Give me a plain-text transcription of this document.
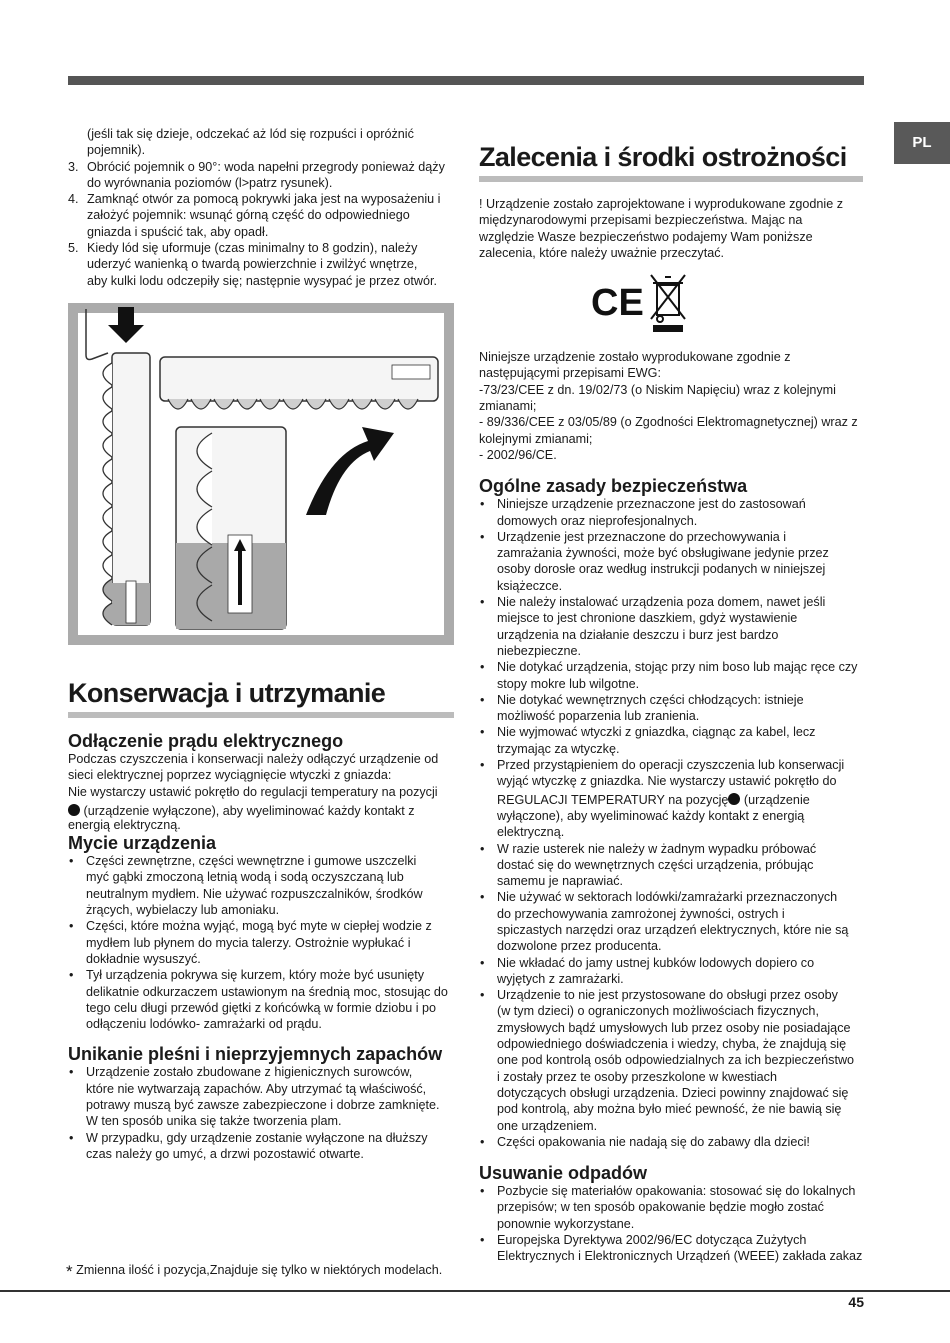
PL

(jeśli tak się dzieje, odczekać aż lód się rozpuści i opróżnić

pojemnik).

3. Obrócić pojemnik o 90°: woda napełni przegrody ponieważ dąży
do wyrównania poziomów (l>patrz rysunek).
4. Zamknąć otwór za pomocą pokrywki jaka jest na wyposażeniu i
założyć pojemnik: wsunąć górną część do odpowiedniego
gniazda i spuścić tak, aby opadł.
5. Kiedy lód się uformuje (czas minimalny to 8 godzin), należy
uderzyć wanienką o twardą powierzchnie i zwilżyć wnętrze,
aby kulki lodu odczepiły się; następnie wysypać je przez otwór.
Konserwacja i utrzymanie
Odłączenie prądu elektrycznego

Podczas czyszczenia i konserwacji należy odłączyć urządzenie od

sieci elektrycznej poprzez wyciągnięcie wtyczki z gniazda:

Nie wystarczy ustawić pokrętło do regulacji temperatury na pozycji

(urządzenie wyłączone), aby wyeliminować każdy kontakt z

energią elektryczną.

Mycie urządzenia
• Części zewnętrzne, części wewnętrzne i gumowe uszczelki
myć gąbki zmoczoną letnią wodą i sodą oczyszczaną lub
neutralnym mydłem. Nie używać rozpuszczalników, środków
żrących, wybielaczy lub amoniaku.
• Części, które można wyjąć, mogą być myte w ciepłej wodzie z
mydłem lub płynem do mycia talerzy. Ostrożnie wypłukać i
dokładnie wysuszyć.
• Tył urządzenia pokrywa się kurzem, który może być usunięty
delikatnie odkurzaczem ustawionym na średnią moc, stosując do
tego celu długi przewód giętki z końcówką w formie dziobu i po
odłączeniu lodówko- zamrażarki od prądu.
Unikanie pleśni i nieprzyjemnych zapachów
• Urządzenie zostało zbudowane z higienicznych surowców,
które nie wytwarzają zapachów. Aby utrzymać tą właściwość,
potrawy muszą być zawsze zabezpieczone i dobrze zamknięte.
W ten sposób unika się także tworzenia plam.
• W przypadku, gdy urządzenie zostanie wyłączone na dłuższy
czas należy go umyć, a drzwi pozostawić otwarte.
Zalecenia i środki ostrożności

! Urządzenie zostało zaprojektowane i wyprodukowane zgodnie z

międzynarodowymi przepisami bezpieczeństwa. Mając na

względzie Wasze bezpieczeństwo podajemy Wam poniższe

zalecenia, które należy uważnie przeczytać.

CE

Niniejsze urządzenie zostało wyprodukowane zgodnie z

następującymi przepisami EWG:

-73/23/CEE z dn. 19/02/73 (o Niskim Napięciu) wraz z kolejnymi

zmianami;

- 89/336/CEE z 03/05/89 (o Zgodności Elektromagnetycznej) wraz z

kolejnymi zmianami;

- 2002/96/CE.

Ogólne zasady bezpieczeństwa
• Niniejsze urządzenie przeznaczone jest do zastosowań
domowych oraz nieprofesjonalnych.
• Urządzenie jest przeznaczone do przechowywania i
zamrażania żywności, może być obsługiwane jedynie przez
osoby dorosłe oraz według instrukcji podanych w niniejszej
książeczce.
• Nie należy instalować urządzenia poza domem, nawet jeśli
miejsce to jest chronione daszkiem, gdyż wystawienie
urządzenia na działanie deszczu i burz jest bardzo
niebezpieczne.
• Nie dotykać urządzenia, stojąc przy nim boso lub mając ręce czy
stopy mokre lub wilgotne.
• Nie dotykać wewnętrznych części chłodzących: istnieje
możliwość poparzenia lub zranienia.
• Nie wyjmować wtyczki z gniazdka, ciągnąc za kabel, lecz
trzymając za wtyczkę.
• Przed przystąpieniem do operacji czyszczenia lub konserwacji
wyjąć wtyczkę z gniazdka. Nie wystarczy ustawić pokrętło do
REGULACJI TEMPERATURY na pozycję (urządzenie
wyłączone), aby wyeliminować każdy kontakt z energią
elektryczną.
• W razie usterek nie należy w żadnym wypadku próbować
dostać się do wewnętrznych części urządzenia, próbując
samemu je naprawiać.
• Nie używać w sektorach lodówki/zamrażarki przeznaczonych
do przechowywania zamrożonej żywności, ostrych i
spiczastych narzędzi oraz urządzeń elektrycznych, które nie są
dozwolone przez producenta.
• Nie wkładać do jamy ustnej kubków lodowych dopiero co
wyjętych z zamrażarki.
• Urządzenie to nie jest przystosowane do obsługi przez osoby
(w tym dzieci) o ograniczonych możliwościach fizycznych,
zmysłowych bądź umysłowych lub przez osoby nie posiadające
odpowiedniego doświadczenia i wiedzy, chyba, że znajdują się
one pod kontrolą osób odpowiedzialnych za ich bezpieczeństwo
i zostały przez te osoby przeszkolone w kwestiach
dotyczących obsługi urządzenia. Dzieci powinny znajdować się
pod kontrolą, aby można było mieć pewność, że nie bawią się
one urządzeniem.
• Części opakowania nie nadają się do zabawy dla dzieci!
Usuwanie odpadów
• Pozbycie się materiałów opakowania: stosować się do lokalnych
przepisów; w ten sposób opakowanie będzie mogło zostać
ponownie wykorzystane.
• Europejska Dyrektywa 2002/96/EC dotycząca Zużytych
Elektrycznych i Elektronicznych Urządzeń (WEEE) zakłada zakaz
* Zmienna ilość i pozycja,Znajduje się tylko w niektórych modelach.
45
